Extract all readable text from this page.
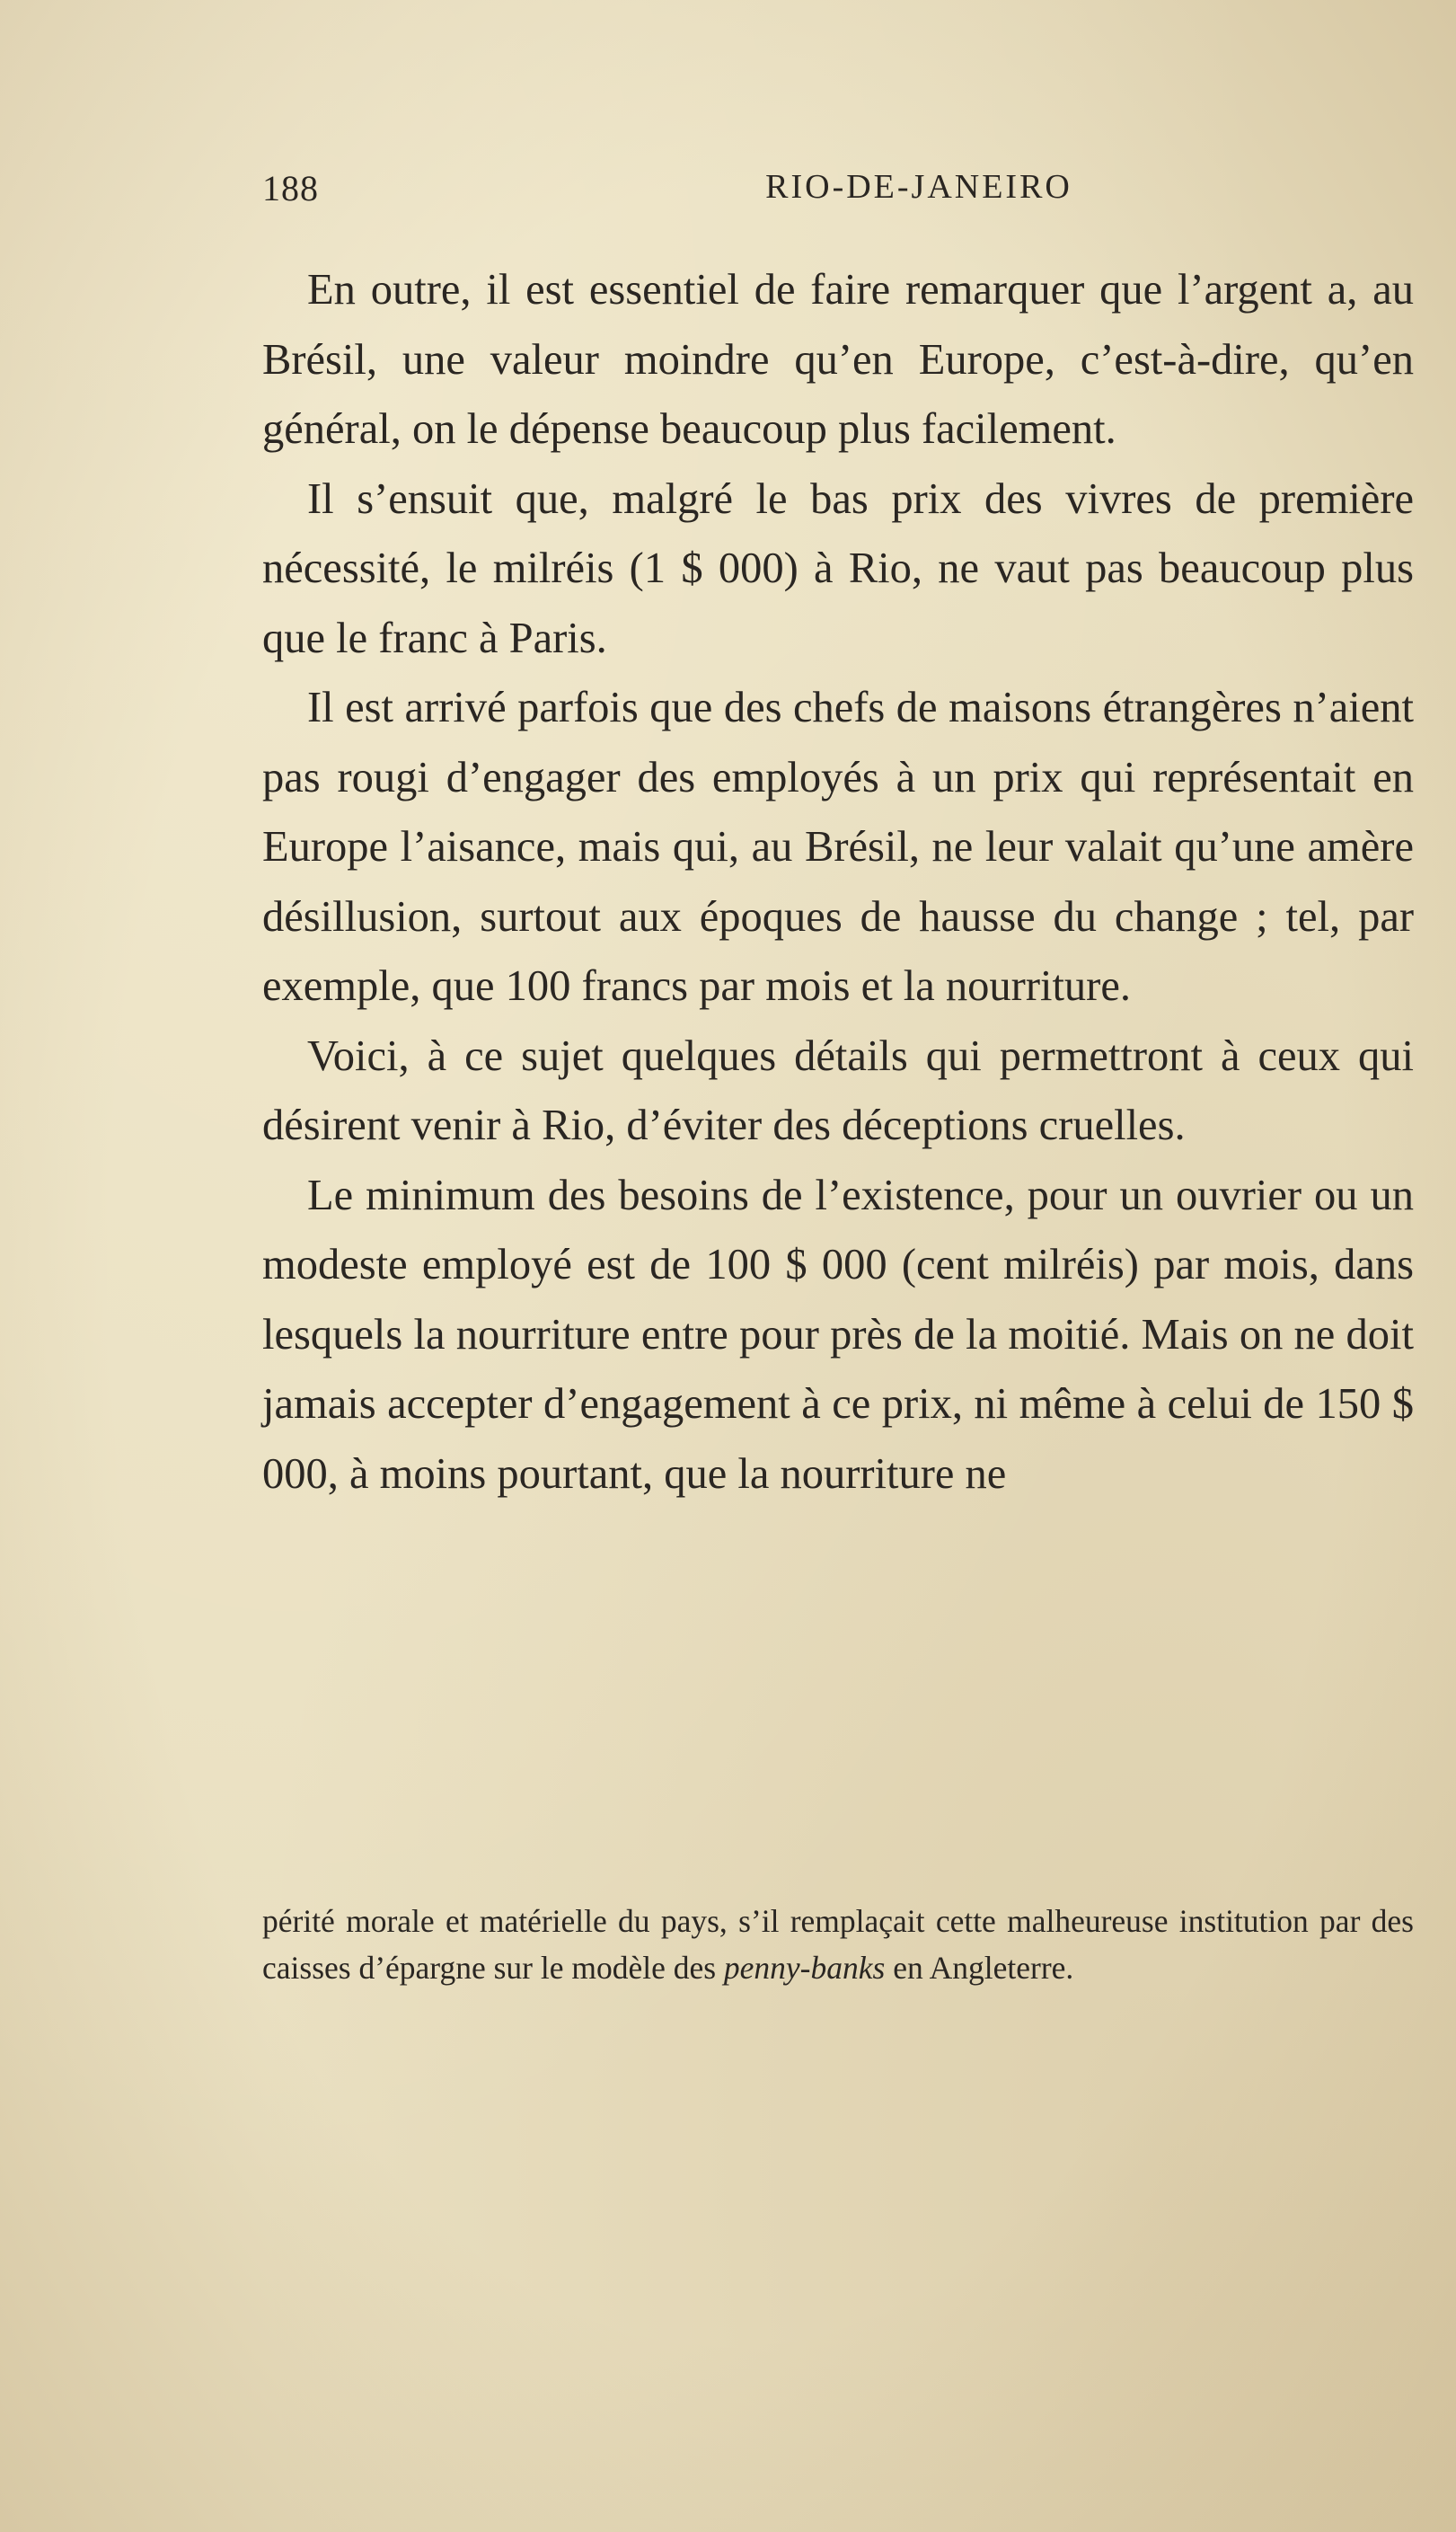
188	RIO-DE-JANEIRO

En outre, il est essentiel de faire remarquer que l’argent a, au Brésil, une valeur moindre qu’en Europe, c’est-à-dire, qu’en général, on le dépense beaucoup plus facilement.

Il s’ensuit que, malgré le bas prix des vivres de première nécessité, le milréis (1 $ 000) à Rio, ne vaut pas beaucoup plus que le franc à Paris.

Il est arrivé parfois que des chefs de maisons étrangères n’aient pas rougi d’engager des employés à un prix qui représentait en Europe l’aisance, mais qui, au Brésil, ne leur valait qu’une amère désillusion, surtout aux époques de hausse du change ; tel, par exemple, que 100 francs par mois et la nourriture.

Voici, à ce sujet quelques détails qui permettront à ceux qui désirent venir à Rio, d’éviter des déceptions cruelles.

Le minimum des besoins de l’existence, pour un ouvrier ou un modeste employé est de 100 $ 000 (cent milréis) par mois, dans lesquels la nourriture entre pour près de la moitié. Mais on ne doit jamais accepter d’engagement à ce prix, ni même à celui de 150 $ 000, à moins pourtant, que la nourriture ne

périté morale et matérielle du pays, s’il remplaçait cette malheureuse institution par des caisses d’épargne sur le modèle des penny-banks en Angleterre.
